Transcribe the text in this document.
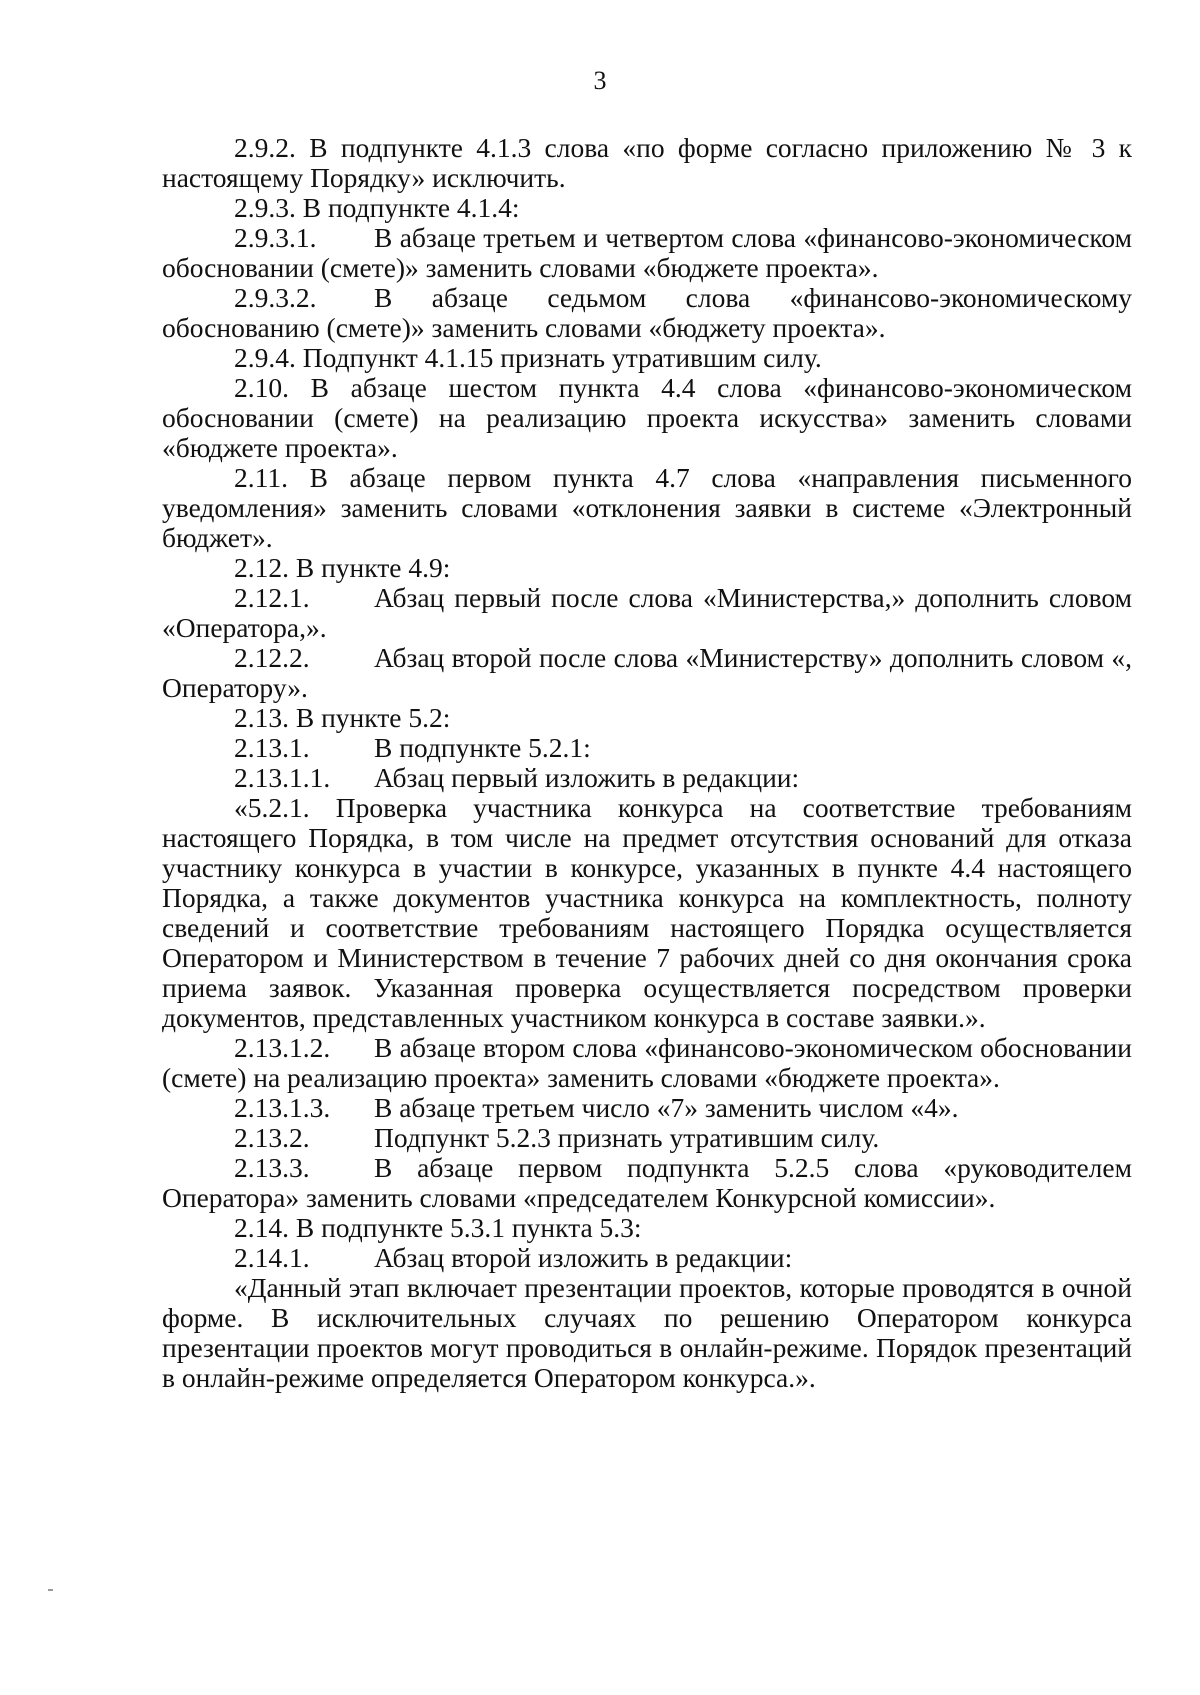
3

2.9.2. В подпункте 4.1.3 слова «по форме согласно приложению № 3 к настоящему Порядку» исключить.

2.9.3. В подпункте 4.1.4:

2.9.3.1. В абзаце третьем и четвертом слова «финансово-экономическом обосновании (смете)» заменить словами «бюджете проекта».

2.9.3.2. В абзаце седьмом слова «финансово-экономическому обоснованию (смете)» заменить словами «бюджету проекта».

2.9.4. Подпункт 4.1.15 признать утратившим силу.

2.10. В абзаце шестом пункта 4.4 слова «финансово-экономическом обосновании (смете) на реализацию проекта искусства» заменить словами «бюджете проекта».

2.11. В абзаце первом пункта 4.7 слова «направления письменного уведомления» заменить словами «отклонения заявки в системе «Электронный бюджет».

2.12. В пункте 4.9:

2.12.1. Абзац первый после слова «Министерства,» дополнить словом «Оператора,».

2.12.2. Абзац второй после слова «Министерству» дополнить словом «, Оператору».

2.13. В пункте 5.2:

2.13.1. В подпункте 5.2.1:

2.13.1.1. Абзац первый изложить в редакции:

«5.2.1. Проверка участника конкурса на соответствие требованиям настоящего Порядка, в том числе на предмет отсутствия оснований для отказа участнику конкурса в участии в конкурсе, указанных в пункте 4.4 настоящего Порядка, а также документов участника конкурса на комплектность, полноту сведений и соответствие требованиям настоящего Порядка осуществляется Оператором и Министерством в течение 7 рабочих дней со дня окончания срока приема заявок. Указанная проверка осуществляется посредством проверки документов, представленных участником конкурса в составе заявки.».

2.13.1.2. В абзаце втором слова «финансово-экономическом обосновании (смете) на реализацию проекта» заменить словами «бюджете проекта».

2.13.1.3. В абзаце третьем число «7» заменить числом «4».

2.13.2. Подпункт 5.2.3 признать утратившим силу.

2.13.3. В абзаце первом подпункта 5.2.5 слова «руководителем Оператора» заменить словами «председателем Конкурсной комиссии».

2.14. В подпункте 5.3.1 пункта 5.3:

2.14.1. Абзац второй изложить в редакции:

«Данный этап включает презентации проектов, которые проводятся в очной форме. В исключительных случаях по решению Оператором конкурса презентации проектов могут проводиться в онлайн-режиме. Порядок презентаций в онлайн-режиме определяется Оператором конкурса.».
